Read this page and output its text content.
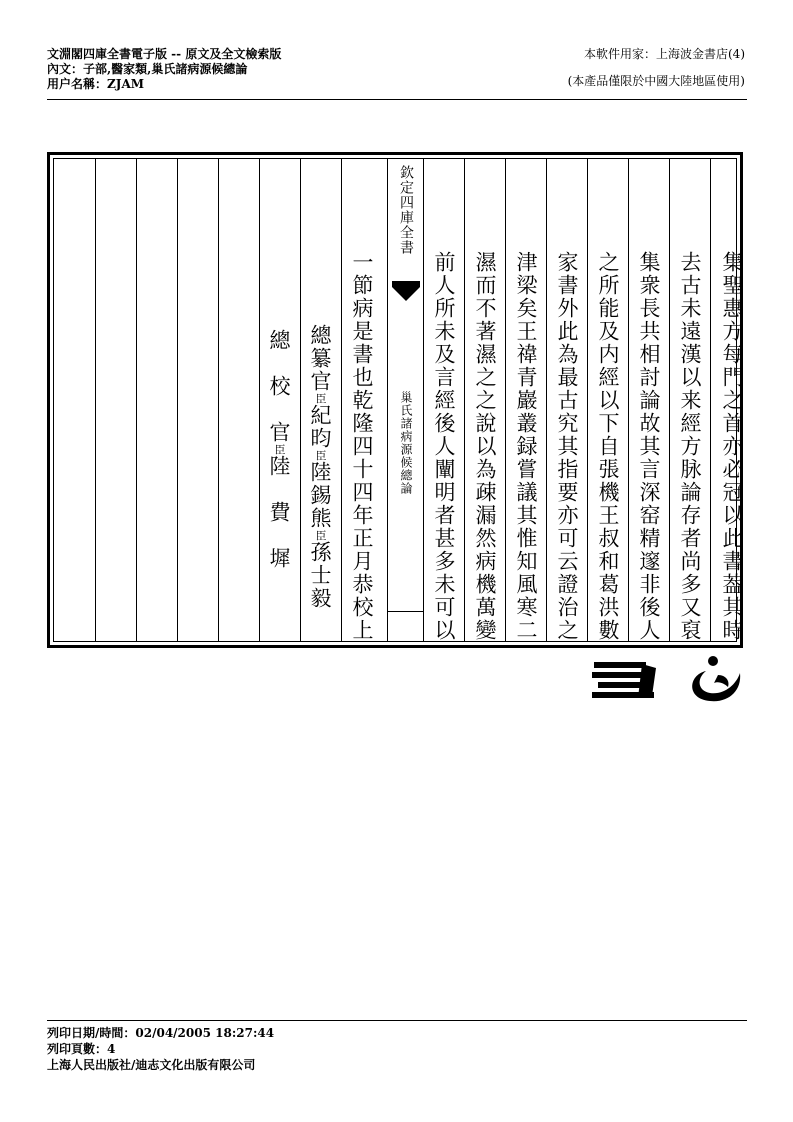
文淵閣四庫全書電子版 -- 原文及全文檢索版
內文：子部,醫家類,巢氏諸病源候總論
用户名稱：ZJAM
本軟件用家：上海波金書店(4)
(本產品僅限於中國大陸地區使用)
總　校　官臣陸　費　墀
總纂官臣紀昀臣陸錫熊臣孫士毅 一節病是書也乾隆四十四年正月恭校上
欽定四庫全書
巢氏諸病源候總論 前人所未及言經後人闡明者甚多未可以 濕而不著濕之之說以為疎漏然病機萬變 津梁矣王禕青巖叢録嘗議其惟知風寒二 家書外此為最古究其指要亦可云證治之 之所能及内經以下自張機王叔和葛洪數 集衆長共相討論故其言深窑精邃非後人 去古未遠漢以来經方脉論存者尚多又裒 集聖惠方每門之首亦必冠以此書葢其時
列印日期/時間：02/04/2005 18:27:44
列印頁數：4
上海人民出版社/迪志文化出版有限公司
